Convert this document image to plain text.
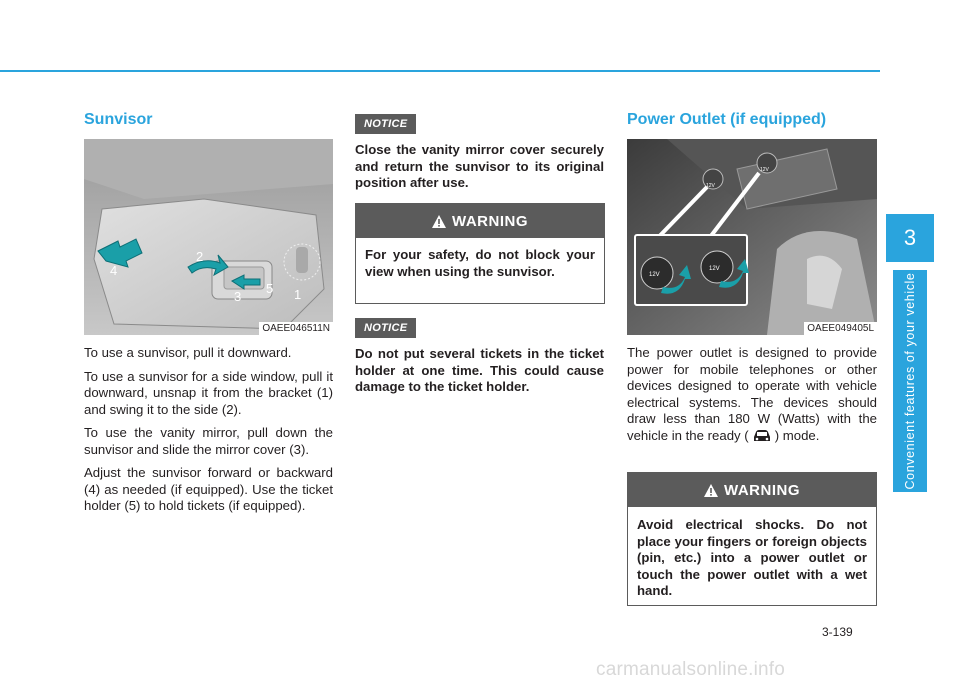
Sunvisor
1
2
3
4
5
OAEE046511N

To use a sunvisor, pull it downward.

To use a sunvisor for a side window, pull it downward, unsnap it from the bracket (1) and swing it to the side (2).

To use the vanity mirror, pull down the sunvisor and slide the mirror cover (3).

Adjust the sunvisor forward or backward (4) as needed (if equipped). Use the ticket holder (5) to hold tickets (if equipped).

NOTICE

Close the vanity mirror cover securely and return the sunvisor to its original position after use.

WARNING
For your safety, do not block your view when using the sunvisor.
NOTICE

Do not put several tickets in the ticket holder at one time. This could cause damage to the ticket holder.

Power Outlet (if equipped)
12V
12V
12V
12V
OAEE049405L
The power outlet is designed to provide power for mobile telephones or other devices designed to operate with vehicle electrical systems. The devices should draw less than 180 W (Watts) with the vehicle in the ready ( ) mode.
WARNING
Avoid electrical shocks. Do not place your fingers or foreign objects (pin, etc.) into a power outlet or touch the power outlet with a wet hand.
3
Convenient features of your vehicle
3-139
carmanualsonline.info
